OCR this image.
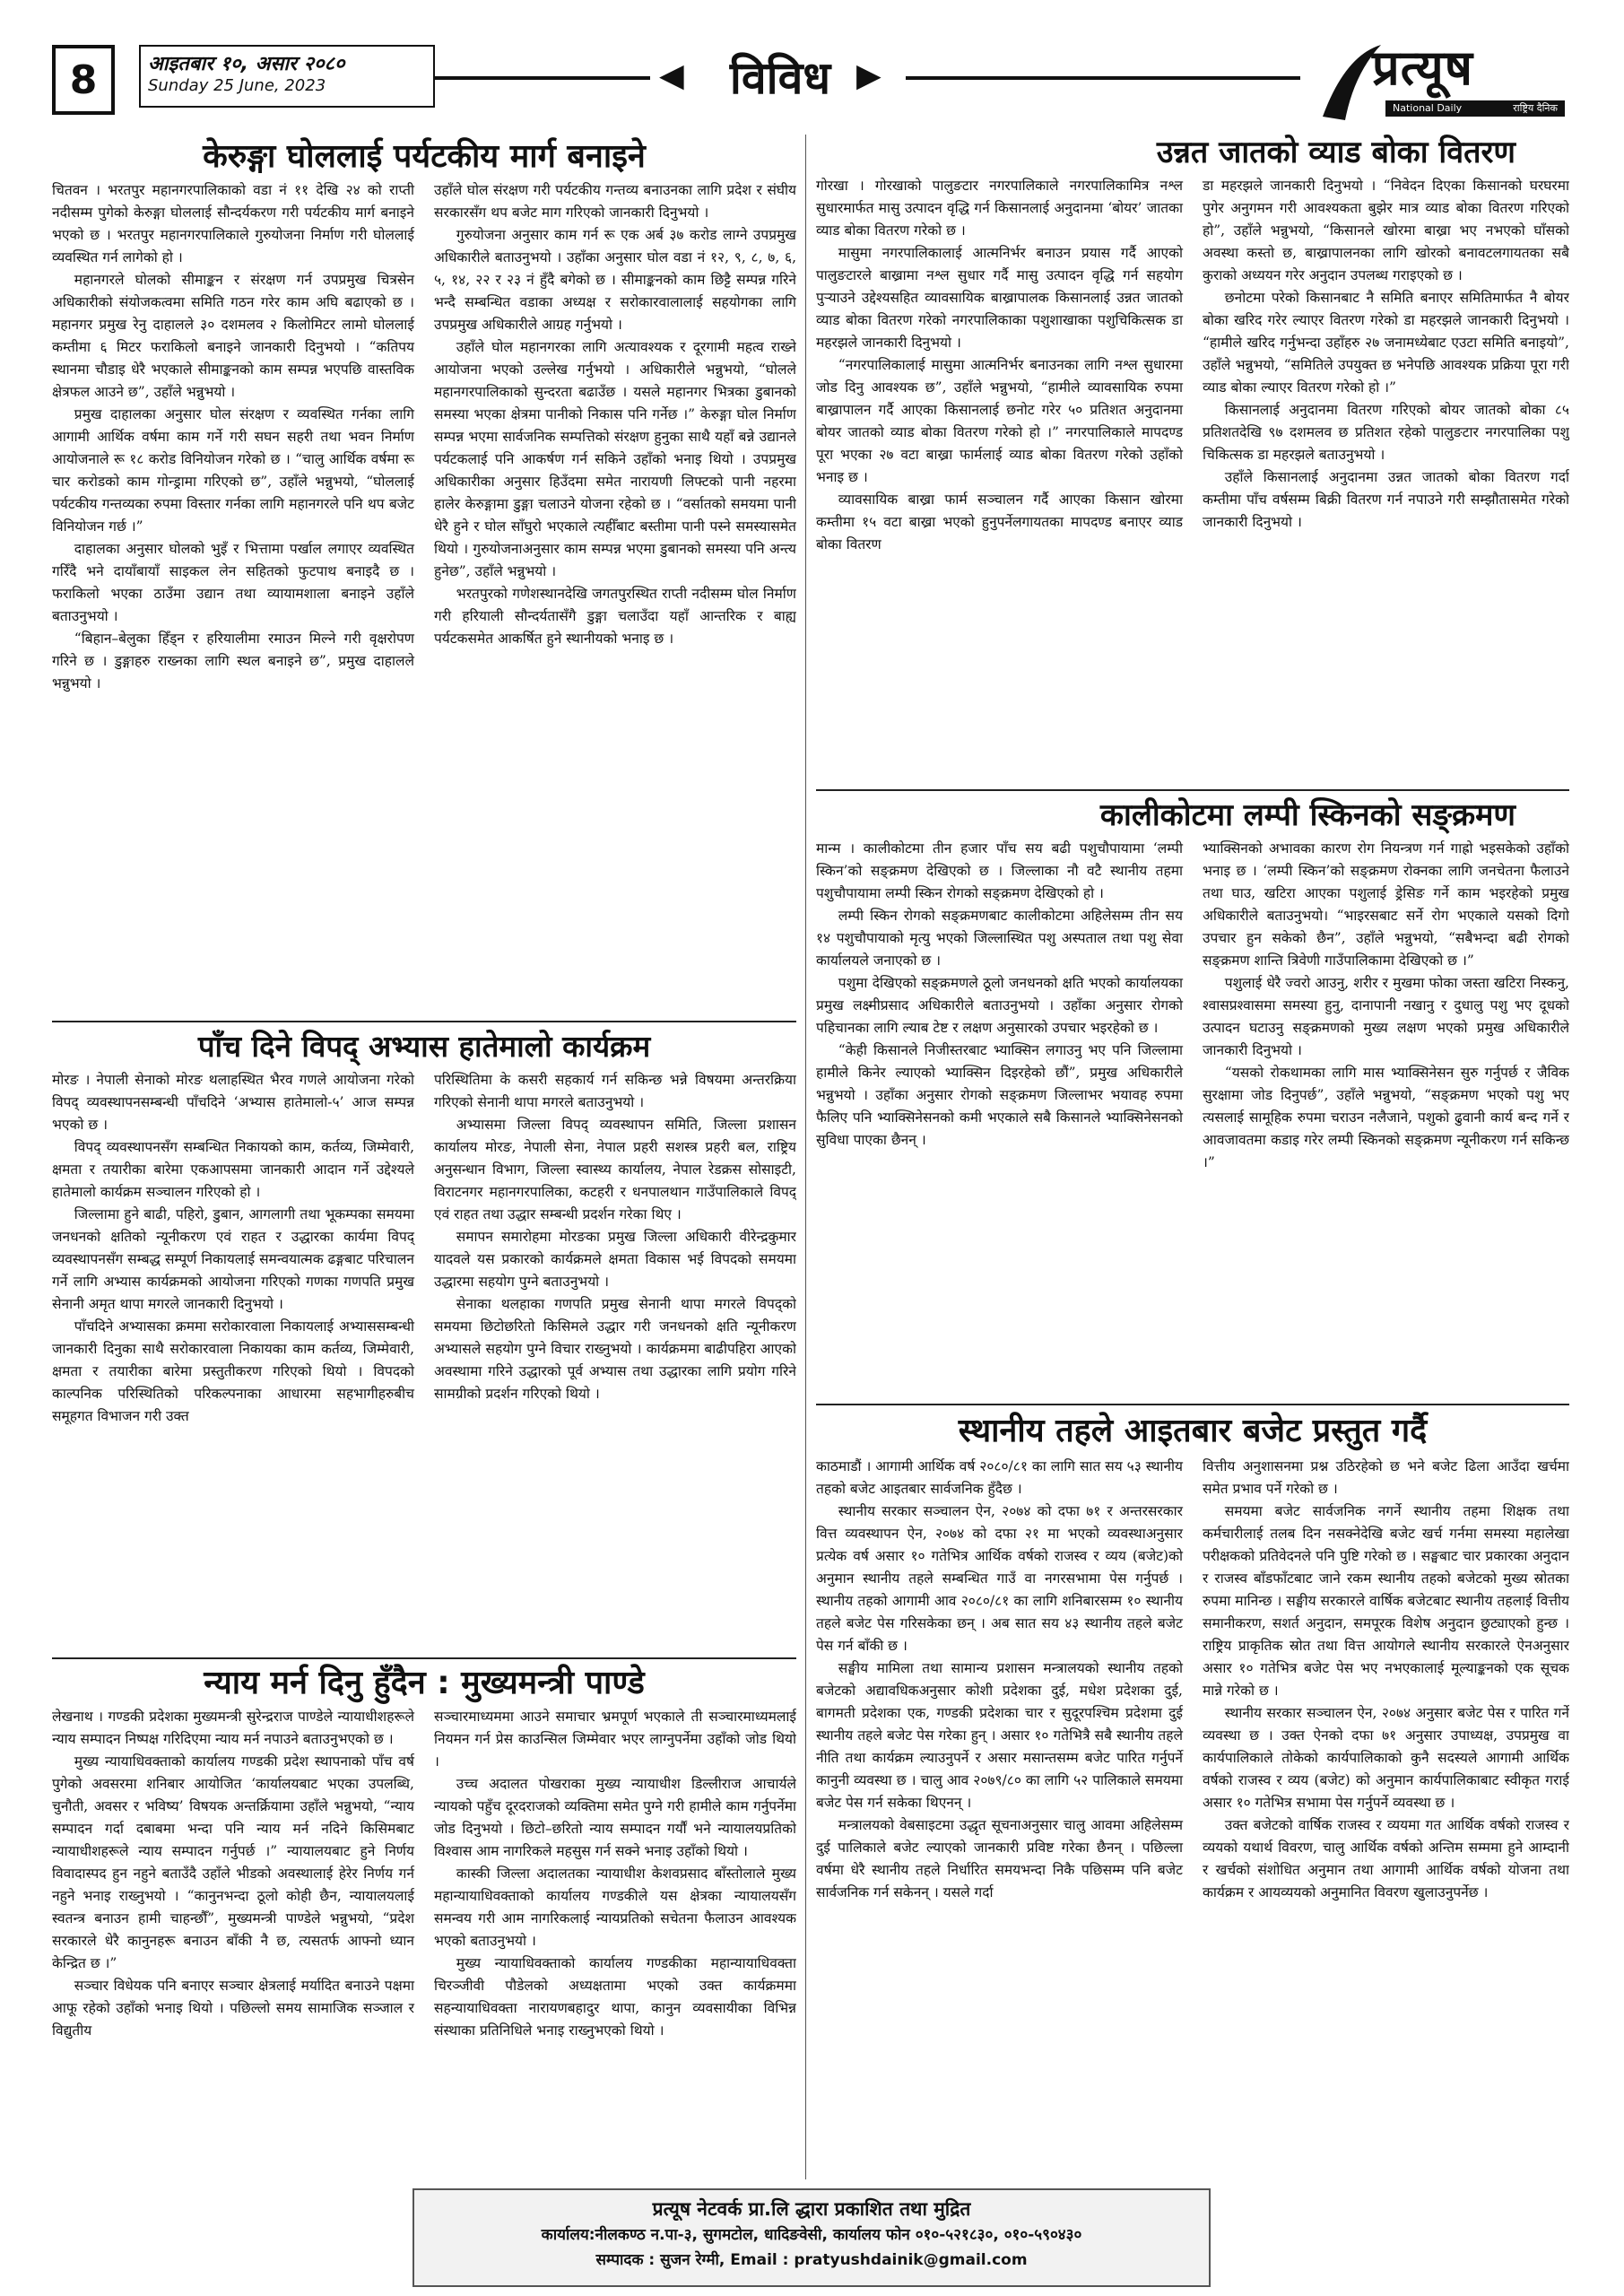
8	आइतबार १०, असार २०८०
Sunday 25 June, 2023	◀	विविध ▶	प्रत्यूष
National Daily	राष्ट्रिय दैनिक
केरुङ्गा घोललाई पर्यटकीय मार्ग बनाइने

चितवन । भरतपुर महानगरपालिकाको वडा नं ११ देखि २४ को राप्ती नदीसम्म पुगेको केरुङ्गा घोललाई सौन्दर्यकरण गरी पर्यटकीय मार्ग बनाइने भएको छ । भरतपुर महानगरपालिकाले गुरुयोजना निर्माण गरी घोललाई व्यवस्थित गर्न लागेको हो ।

महानगरले घोलको सीमाङ्कन र संरक्षण गर्न उपप्रमुख चित्रसेन अधिकारीको संयोजकत्वमा समिति गठन गरेर काम अघि बढाएको छ । महानगर प्रमुख रेनु दाहालले ३० दशमलव २ किलोमिटर लामो घोललाई कम्तीमा ६ मिटर फराकिलो बनाइने जानकारी दिनुभयो । “कतिपय स्थानमा चौडाइ धेरै भएकाले सीमाङ्कनको काम सम्पन्न भएपछि वास्तविक क्षेत्रफल आउने छ”, उहाँले भन्नुभयो ।

प्रमुख दाहालका अनुसार घोल संरक्षण र व्यवस्थित गर्नका लागि आगामी आर्थिक वर्षमा काम गर्ने गरी सघन सहरी तथा भवन निर्माण आयोजनाले रू १८ करोड विनियोजन गरेको छ । “चालु आर्थिक वर्षमा रू चार करोडको काम गोन्ड्रामा गरिएको छ”, उहाँले भन्नुभयो, “घोललाई पर्यटकीय गन्तव्यका रुपमा विस्तार गर्नका लागि महानगरले पनि थप बजेट विनियोजन गर्छ ।”

दाहालका अनुसार घोलको भुइँ र भित्तामा पर्खाल लगाएर व्यवस्थित गरिँदै भने दायाँबायाँ साइकल लेन सहितको फुटपाथ बनाइदै छ । फराकिलो भएका ठाउँमा उद्यान तथा व्यायामशाला बनाइने उहाँले बताउनुभयो ।

“बिहान–बेलुका हिँड्न र हरियालीमा रमाउन मिल्ने गरी वृक्षरोपण गरिने छ । डुङ्गाहरु राख्नका लागि स्थल बनाइने छ”, प्रमुख दाहालले भन्नुभयो ।

उहाँले घोल संरक्षण गरी पर्यटकीय गन्तव्य बनाउनका लागि प्रदेश र संघीय सरकारसँग थप बजेट माग गरिएको जानकारी दिनुभयो ।

गुरुयोजना अनुसार काम गर्न रू एक अर्ब ३७ करोड लाग्ने उपप्रमुख अधिकारीले बताउनुभयो । उहाँका अनुसार घोल वडा नं १२, ९, ८, ७, ६, ५, १४, २२ र २३ नं हुँदै बगेको छ । सीमाङ्कनको काम छिट्टै सम्पन्न गरिने भन्दै सम्बन्धित वडाका अध्यक्ष र सरोकारवालालाई सहयोगका लागि उपप्रमुख अधिकारीले आग्रह गर्नुभयो ।

उहाँले घोल महानगरका लागि अत्यावश्यक र दूरगामी महत्व राख्ने आयोजना भएको उल्लेख गर्नुभयो । अधिकारीले भन्नुभयो, “घोलले महानगरपालिकाको सुन्दरता बढाउँछ । यसले महानगर भित्रका डुबानको समस्या भएका क्षेत्रमा पानीको निकास पनि गर्नेछ ।” केरुङ्गा घोल निर्माण सम्पन्न भएमा सार्वजनिक सम्पत्तिको संरक्षण हुनुका साथै यहाँ बन्ने उद्यानले पर्यटकलाई पनि आकर्षण गर्न सकिने उहाँको भनाइ थियो । उपप्रमुख अधिकारीका अनुसार हिउँदमा समेत नारायणी लिफ्टको पानी नहरमा हालेर केरुङ्गामा डुङ्गा चलाउने योजना रहेको छ । “वर्सातको समयमा पानी धेरै हुने र घोल साँघुरो भएकाले त्यहीँबाट बस्तीमा पानी पस्ने समस्यासमेत थियो । गुरुयोजनाअनुसार काम सम्पन्न भएमा डुबानको समस्या पनि अन्त्य हुनेछ”, उहाँले भन्नुभयो ।

भरतपुरको गणेशस्थानदेखि जगतपुरस्थित राप्ती नदीसम्म घोल निर्माण गरी हरियाली सौन्दर्यतासँगै डुङ्गा चलाउँदा यहाँ आन्तरिक र बाह्य पर्यटकसमेत आकर्षित हुने स्थानीयको भनाइ छ ।

पाँच दिने विपद् अभ्यास हातेमालो कार्यक्रम

मोरङ । नेपाली सेनाको मोरङ थलाहस्थित भैरव गणले आयोजना गरेको विपद् व्यवस्थापनसम्बन्धी पाँचदिने ‘अभ्यास हातेमालो-५’ आज सम्पन्न भएको छ ।

विपद् व्यवस्थापनसँग सम्बन्धित निकायको काम, कर्तव्य, जिम्मेवारी, क्षमता र तयारीका बारेमा एकआपसमा जानकारी आदान गर्ने उद्देश्यले हातेमालो कार्यक्रम सञ्चालन गरिएको हो ।

जिल्लामा हुने बाढी, पहिरो, डुबान, आगलागी तथा भूकम्पका समयमा जनधनको क्षतिको न्यूनीकरण एवं राहत र उद्धारका कार्यमा विपद् व्यवस्थापनसँग सम्बद्ध सम्पूर्ण निकायलाई समन्वयात्मक ढङ्गबाट परिचालन गर्ने लागि अभ्यास कार्यक्रमको आयोजना गरिएको गणका गणपति प्रमुख सेनानी अमृत थापा मगरले जानकारी दिनुभयो ।

पाँचदिने अभ्यासका क्रममा सरोकारवाला निकायलाई अभ्याससम्बन्धी जानकारी दिनुका साथै सरोकारवाला निकायका काम कर्तव्य, जिम्मेवारी, क्षमता र तयारीका बारेमा प्रस्तुतीकरण गरिएको थियो । विपदको काल्पनिक परिस्थितिको परिकल्पनाका आधारमा सहभागीहरुबीच समूहगत विभाजन गरी उक्त

परिस्थितिमा के कसरी सहकार्य गर्न सकिन्छ भन्ने विषयमा अन्तरक्रिया गरिएको सेनानी थापा मगरले बताउनुभयो ।

अभ्यासमा जिल्ला विपद् व्यवस्थापन समिति, जिल्ला प्रशासन कार्यालय मोरङ, नेपाली सेना, नेपाल प्रहरी सशस्त्र प्रहरी बल, राष्ट्रिय अनुसन्धान विभाग, जिल्ला स्वास्थ्य कार्यालय, नेपाल रेडक्रस सोसाइटी, विराटनगर महानगरपालिका, कटहरी र धनपालथान गाउँपालिकाले विपद् एवं राहत तथा उद्धार सम्बन्धी प्रदर्शन गरेका थिए ।

समापन समारोहमा मोरङका प्रमुख जिल्ला अधिकारी वीरेन्द्रकुमार यादवले यस प्रकारको कार्यक्रमले क्षमता विकास भई विपदको समयमा उद्धारमा सहयोग पुग्ने बताउनुभयो ।

सेनाका थलहाका गणपति प्रमुख सेनानी थापा मगरले विपद्को समयमा छिटोछरितो किसिमले उद्धार गरी जनधनको क्षति न्यूनीकरण अभ्यासले सहयोग पुग्ने विचार राख्नुभयो । कार्यक्रममा बाढीपहिरा आएको अवस्थामा गरिने उद्धारको पूर्व अभ्यास तथा उद्धारका लागि प्रयोग गरिने सामग्रीको प्रदर्शन गरिएको थियो ।

न्याय मर्न दिनु हुँदैन : मुख्यमन्त्री पाण्डे

लेखनाथ । गण्डकी प्रदेशका मुख्यमन्त्री सुरेन्द्रराज पाण्डेले न्यायाधीशहरूले न्याय सम्पादन निष्पक्ष गरिदिएमा न्याय मर्न नपाउने बताउनुभएको छ ।

मुख्य न्यायाधिवक्ताको कार्यालय गण्डकी प्रदेश स्थापनाको पाँच वर्ष पुगेको अवसरमा शनिबार आयोजित ‘कार्यालयबाट भएका उपलब्धि, चुनौती, अवसर र भविष्य’ विषयक अन्तर्क्रियामा उहाँले भन्नुभयो, “न्याय सम्पादन गर्दा दबाबमा भन्दा पनि न्याय मर्न नदिने किसिमबाट न्यायाधीशहरूले न्याय सम्पादन गर्नुपर्छ ।” न्यायालयबाट हुने निर्णय विवादास्पद हुन नहुने बताउँदै उहाँले भीडको अवस्थालाई हेरेर निर्णय गर्न नहुने भनाइ राख्नुभयो । “कानुनभन्दा ठूलो कोही छैन, न्यायालयलाई स्वतन्त्र बनाउन हामी चाहन्छौँ”, मुख्यमन्त्री पाण्डेले भन्नुभयो, “प्रदेश सरकारले धेरै कानुनहरू बनाउन बाँकी नै छ, त्यसतर्फ आफ्नो ध्यान केन्द्रित छ ।”

सञ्चार विधेयक पनि बनाएर सञ्चार क्षेत्रलाई मर्यादित बनाउने पक्षमा आफू रहेको उहाँको भनाइ थियो । पछिल्लो समय सामाजिक सञ्जाल र विद्युतीय

सञ्चारमाध्यममा आउने समाचार भ्रमपूर्ण भएकाले ती सञ्चारमाध्यमलाई नियमन गर्न प्रेस काउन्सिल जिम्मेवार भएर लाग्नुपर्नेमा उहाँको जोड थियो ।

उच्च अदालत पोखराका मुख्य न्यायाधीश डिल्लीराज आचार्यले न्यायको पहुँच दूरदराजको व्यक्तिमा समेत पुग्ने गरी हामीले काम गर्नुपर्नेमा जोड दिनुभयो । छिटो–छरितो न्याय सम्पादन गर्यौं भने न्यायालयप्रतिको विश्वास आम नागरिकले महसुस गर्न सक्ने भनाइ उहाँको थियो ।

कास्की जिल्ला अदालतका न्यायाधीश केशवप्रसाद बाँस्तोलाले मुख्य महान्यायाधिवक्ताको कार्यालय गण्डकीले यस क्षेत्रका न्यायालयसँग समन्वय गरी आम नागरिकलाई न्यायप्रतिको सचेतना फैलाउन आवश्यक भएको बताउनुभयो ।

मुख्य न्यायाधिवक्ताको कार्यालय गण्डकीका महान्यायाधिवक्ता चिरञ्जीवी पौडेलको अध्यक्षतामा भएको उक्त कार्यक्रममा सहन्यायाधिवक्ता नारायणबहादुर थापा, कानुन व्यवसायीका विभिन्न संस्थाका प्रतिनिधिले भनाइ राख्नुभएको थियो ।

उन्नत जातको व्याड बोका वितरण

गोरखा । गोरखाको पालुङटार नगरपालिकाले नगरपालिकामित्र नश्ल सुधारमार्फत मासु उत्पादन वृद्धि गर्न किसानलाई अनुदानमा ‘बोयर’ जातका व्याड बोका वितरण गरेको छ ।

मासुमा नगरपालिकालाई आत्मनिर्भर बनाउन प्रयास गर्दै आएको पालुङटारले बाख्रामा नश्ल सुधार गर्दै मासु उत्पादन वृद्धि गर्न सहयोग पुऱ्याउने उद्देश्यसहित व्यावसायिक बाख्रापालक किसानलाई उन्नत जातको व्याड बोका वितरण गरेको नगरपालिकाका पशुशाखाका पशुचिकित्सक डा महरझले जानकारी दिनुभयो ।

“नगरपालिकालाई मासुमा आत्मनिर्भर बनाउनका लागि नश्ल सुधारमा जोड दिनु आवश्यक छ”, उहाँले भन्नुभयो, “हामीले व्यावसायिक रुपमा बाख्रापालन गर्दै आएका किसानलाई छनोट गरेर ५० प्रतिशत अनुदानमा बोयर जातको व्याड बोका वितरण गरेको हो ।” नगरपालिकाले मापदण्ड पूरा भएका २७ वटा बाख्रा फार्मलाई व्याड बोका वितरण गरेको उहाँको भनाइ छ ।

व्यावसायिक बाख्रा फार्म सञ्चालन गर्दै आएका किसान खोरमा कम्तीमा १५ वटा बाख्रा भएको हुनुपर्नेलगायतका मापदण्ड बनाएर व्याड बोका वितरण

डा महरझले जानकारी दिनुभयो । “निवेदन दिएका किसानको घरघरमा पुगेर अनुगमन गरी आवश्यकता बुझेर मात्र व्याड बोका वितरण गरिएको हो”, उहाँले भन्नुभयो, “किसानले खोरमा बाख्रा भए नभएको घाँसको अवस्था कस्तो छ, बाख्रापालनका लागि खोरको बनावटलगायतका सबै कुराको अध्ययन गरेर अनुदान उपलब्ध गराइएको छ ।

छनोटमा परेको किसानबाट नै समिति बनाएर समितिमार्फत नै बोयर बोका खरिद गरेर ल्याएर वितरण गरेको डा महरझले जानकारी दिनुभयो । “हामीले खरिद गर्नुभन्दा उहाँहरु २७ जनामध्येबाट एउटा समिति बनाइयो”, उहाँले भन्नुभयो, “समितिले उपयुक्त छ भनेपछि आवश्यक प्रक्रिया पूरा गरी व्याड बोका ल्याएर वितरण गरेको हो ।”

किसानलाई अनुदानमा वितरण गरिएको बोयर जातको बोका ८५ प्रतिशतदेखि ९७ दशमलव छ प्रतिशत रहेको पालुङटार नगरपालिका पशु चिकित्सक डा महरझले बताउनुभयो ।

उहाँले किसानलाई अनुदानमा उन्नत जातको बोका वितरण गर्दा कम्तीमा पाँच वर्षसम्म बिक्री वितरण गर्न नपाउने गरी सम्झौतासमेत गरेको जानकारी दिनुभयो ।

कालीकोटमा लम्पी स्किनको सङ्क्रमण

मान्म । कालीकोटमा तीन हजार पाँच सय बढी पशुचौपायामा ‘लम्पी स्किन’को सङ्क्रमण देखिएको छ । जिल्लाका नौ वटै स्थानीय तहमा पशुचौपायामा लम्पी स्किन रोगको सङ्क्रमण देखिएको हो ।

लम्पी स्किन रोगको सङ्क्रमणबाट कालीकोटमा अहिलेसम्म तीन सय १४ पशुचौपायाको मृत्यु भएको जिल्लास्थित पशु अस्पताल तथा पशु सेवा कार्यालयले जनाएको छ ।

पशुमा देखिएको सङ्क्रमणले ठूलो जनधनको क्षति भएको कार्यालयका प्रमुख लक्ष्मीप्रसाद अधिकारीले बताउनुभयो । उहाँका अनुसार रोगको पहिचानका लागि ल्याब टेष्ट र लक्षण अनुसारको उपचार भइरहेको छ ।

“केही किसानले निजीस्तरबाट भ्याक्सिन लगाउनु भए पनि जिल्लामा हामीले किनेर ल्याएको भ्याक्सिन दिइरहेको छौं”, प्रमुख अधिकारीले भन्नुभयो । उहाँका अनुसार रोगको सङ्क्रमण जिल्लाभर भयावह रुपमा फैलिए पनि भ्याक्सिनेसनको कमी भएकाले सबै किसानले भ्याक्सिनेसनको सुविधा पाएका छैनन् ।

भ्याक्सिनको अभावका कारण रोग नियन्त्रण गर्न गाह्रो भइसकेको उहाँको भनाइ छ । ‘लम्पी स्किन’को सङ्क्रमण रोक्नका लागि जनचेतना फैलाउने तथा घाउ, खटिरा आएका पशुलाई ड्रेसिङ गर्ने काम भइरहेको प्रमुख अधिकारीले बताउनुभयो। “भाइरसबाट सर्ने रोग भएकाले यसको दिगो उपचार हुन सकेको छैन”, उहाँले भन्नुभयो, “सबैभन्दा बढी रोगको सङ्क्रमण शान्ति त्रिवेणी गाउँपालिकामा देखिएको छ ।”

पशुलाई धेरै ज्वरो आउनु, शरीर र मुखमा फोका जस्ता खटिरा निस्कनु, श्वासप्रश्वासमा समस्या हुनु, दानापानी नखानु र दुधालु पशु भए दूधको उत्पादन घटाउनु सङ्क्रमणको मुख्य लक्षण भएको प्रमुख अधिकारीले जानकारी दिनुभयो ।

“यसको रोकथामका लागि मास भ्याक्सिनेसन सुरु गर्नुपर्छ र जैविक सुरक्षामा जोड दिनुपर्छ”, उहाँले भन्नुभयो, “सङ्क्रमण भएको पशु भए त्यसलाई सामूहिक रुपमा चराउन नलैजाने, पशुको ढुवानी कार्य बन्द गर्ने र आवजावतमा कडाइ गरेर लम्पी स्किनको सङ्क्रमण न्यूनीकरण गर्न सकिन्छ ।”

स्थानीय तहले आइतबार बजेट प्रस्तुत गर्दै

काठमाडौं । आगामी आर्थिक वर्ष २०८०/८१ का लागि सात सय ५३ स्थानीय तहको बजेट आइतबार सार्वजनिक हुँदैछ ।

स्थानीय सरकार सञ्चालन ऐन, २०७४ को दफा ७१ र अन्तरसरकार वित्त व्यवस्थापन ऐन, २०७४ को दफा २१ मा भएको व्यवस्थाअनुसार प्रत्येक वर्ष असार १० गतेभित्र आर्थिक वर्षको राजस्व र व्यय (बजेट)को अनुमान स्थानीय तहले सम्बन्धित गाउँ वा नगरसभामा पेस गर्नुपर्छ । स्थानीय तहको आगामी आव २०८०/८१ का लागि शनिबारसम्म १० स्थानीय तहले बजेट पेस गरिसकेका छन् । अब सात सय ४३ स्थानीय तहले बजेट पेस गर्न बाँकी छ ।

सङ्घीय मामिला तथा सामान्य प्रशासन मन्त्रालयको स्थानीय तहको बजेटको अद्यावधिकअनुसार कोशी प्रदेशका दुई, मधेश प्रदेशका दुई, बागमती प्रदेशका एक, गण्डकी प्रदेशका चार र सुदूरपश्चिम प्रदेशमा दुई स्थानीय तहले बजेट पेस गरेका हुन् । असार १० गतेभित्रै सबै स्थानीय तहले नीति तथा कार्यक्रम ल्याउनुपर्ने र असार मसान्तसम्म बजेट पारित गर्नुपर्ने कानुनी व्यवस्था छ । चालु आव २०७९/८० का लागि ५२ पालिकाले समयमा बजेट पेस गर्न सकेका थिएनन् ।

मन्त्रालयको वेबसाइटमा उद्धृत सूचनाअनुसार चालु आवमा अहिलेसम्म दुई पालिकाले बजेट ल्याएको जानकारी प्रविष्ट गरेका छैनन् । पछिल्ला वर्षमा धेरै स्थानीय तहले निर्धारित समयभन्दा निकै पछिसम्म पनि बजेट सार्वजनिक गर्न सकेनन् । यसले गर्दा

वित्तीय अनुशासनमा प्रश्न उठिरहेको छ भने बजेट ढिला आउँदा खर्चमा समेत प्रभाव पर्ने गरेको छ ।

समयमा बजेट सार्वजनिक नगर्ने स्थानीय तहमा शिक्षक तथा कर्मचारीलाई तलब दिन नसक्नेदेखि बजेट खर्च गर्नमा समस्या महालेखा परीक्षकको प्रतिवेदनले पनि पुष्टि गरेको छ । सङ्घबाट चार प्रकारका अनुदान र राजस्व बाँडफाँटबाट जाने रकम स्थानीय तहको बजेटको मुख्य स्रोतका रुपमा मानिन्छ । सङ्घीय सरकारले वार्षिक बजेटबाट स्थानीय तहलाई वित्तीय समानीकरण, सशर्त अनुदान, समपूरक विशेष अनुदान छुट्याएको हुन्छ । राष्ट्रिय प्राकृतिक स्रोत तथा वित्त आयोगले स्थानीय सरकारले ऐनअनुसार असार १० गतेभित्र बजेट पेस भए नभएकालाई मूल्याङ्कनको एक सूचक मान्ने गरेको छ ।

स्थानीय सरकार सञ्चालन ऐन, २०७४ अनुसार बजेट पेस र पारित गर्ने व्यवस्था छ । उक्त ऐनको दफा ७१ अनुसार उपाध्यक्ष, उपप्रमुख वा कार्यपालिकाले तोकेको कार्यपालिकाको कुनै सदस्यले आगामी आर्थिक वर्षको राजस्व र व्यय (बजेट) को अनुमान कार्यपालिकाबाट स्वीकृत गराई असार १० गतेभित्र सभामा पेस गर्नुपर्ने व्यवस्था छ ।

उक्त बजेटको वार्षिक राजस्व र व्ययमा गत आर्थिक वर्षको राजस्व र व्ययको यथार्थ विवरण, चालु आर्थिक वर्षको अन्तिम सम्ममा हुने आम्दानी र खर्चको संशोधित अनुमान तथा आगामी आर्थिक वर्षको योजना तथा कार्यक्रम र आयव्ययको अनुमानित विवरण खुलाउनुपर्नेछ ।

प्रत्यूष नेटवर्क प्रा.लि द्धारा प्रकाशित तथा मुद्रित
कार्यालय:नीलकण्ठ न.पा-३, सुगमटोल, धादिङवेसी, कार्यालय फोन ०१०-५२१८३०, ०१०-५९०४३०
सम्पादक : सुजन रेग्मी, Email : pratyushdainik@gmail.com
